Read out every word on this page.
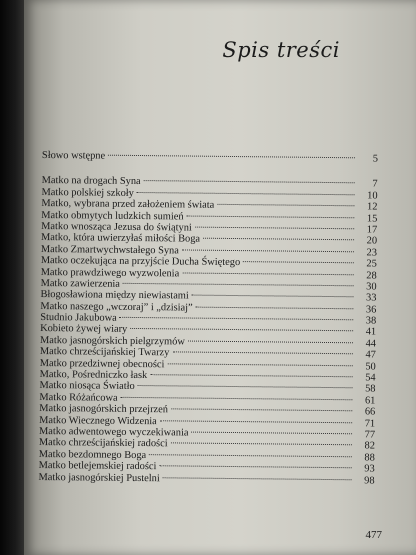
Spis treści
Słowo wstępne	5
Matko na drogach Syna	7
Matko polskiej szkoły	10
Matko, wybrana przed założeniem świata	12
Matko obmytych ludzkich sumień	15
Matko wnosząca Jezusa do świątyni	17
Matko, która uwierzyłaś miłości Boga	20
Matko Zmartwychwstałego Syna	23
Matko oczekująca na przyjście Ducha Świętego	25
Matko prawdziwego wyzwolenia	28
Matko zawierzenia	30
Błogosławiona między niewiastami	33
Matko naszego „wczoraj” i „dzisiaj”	36
Studnio Jakubowa	38
Kobieto żywej wiary	41
Matko jasnogórskich pielgrzymów	44
Matko chrześcijańskiej Twarzy	47
Matko przedziwnej obecności	50
Matko, Pośredniczko łask	54
Matko niosąca Światło	58
Matko Różańcowa	61
Matko jasnogórskich przejrzeń	66
Matko Wiecznego Widzenia	71
Matko adwentowego wyczekiwania	77
Matko chrześcijańskiej radości	82
Matko bezdomnego Boga	88
Matko betlejemskiej radości	93
Matko jasnogórskiej Pustelni	98
477
